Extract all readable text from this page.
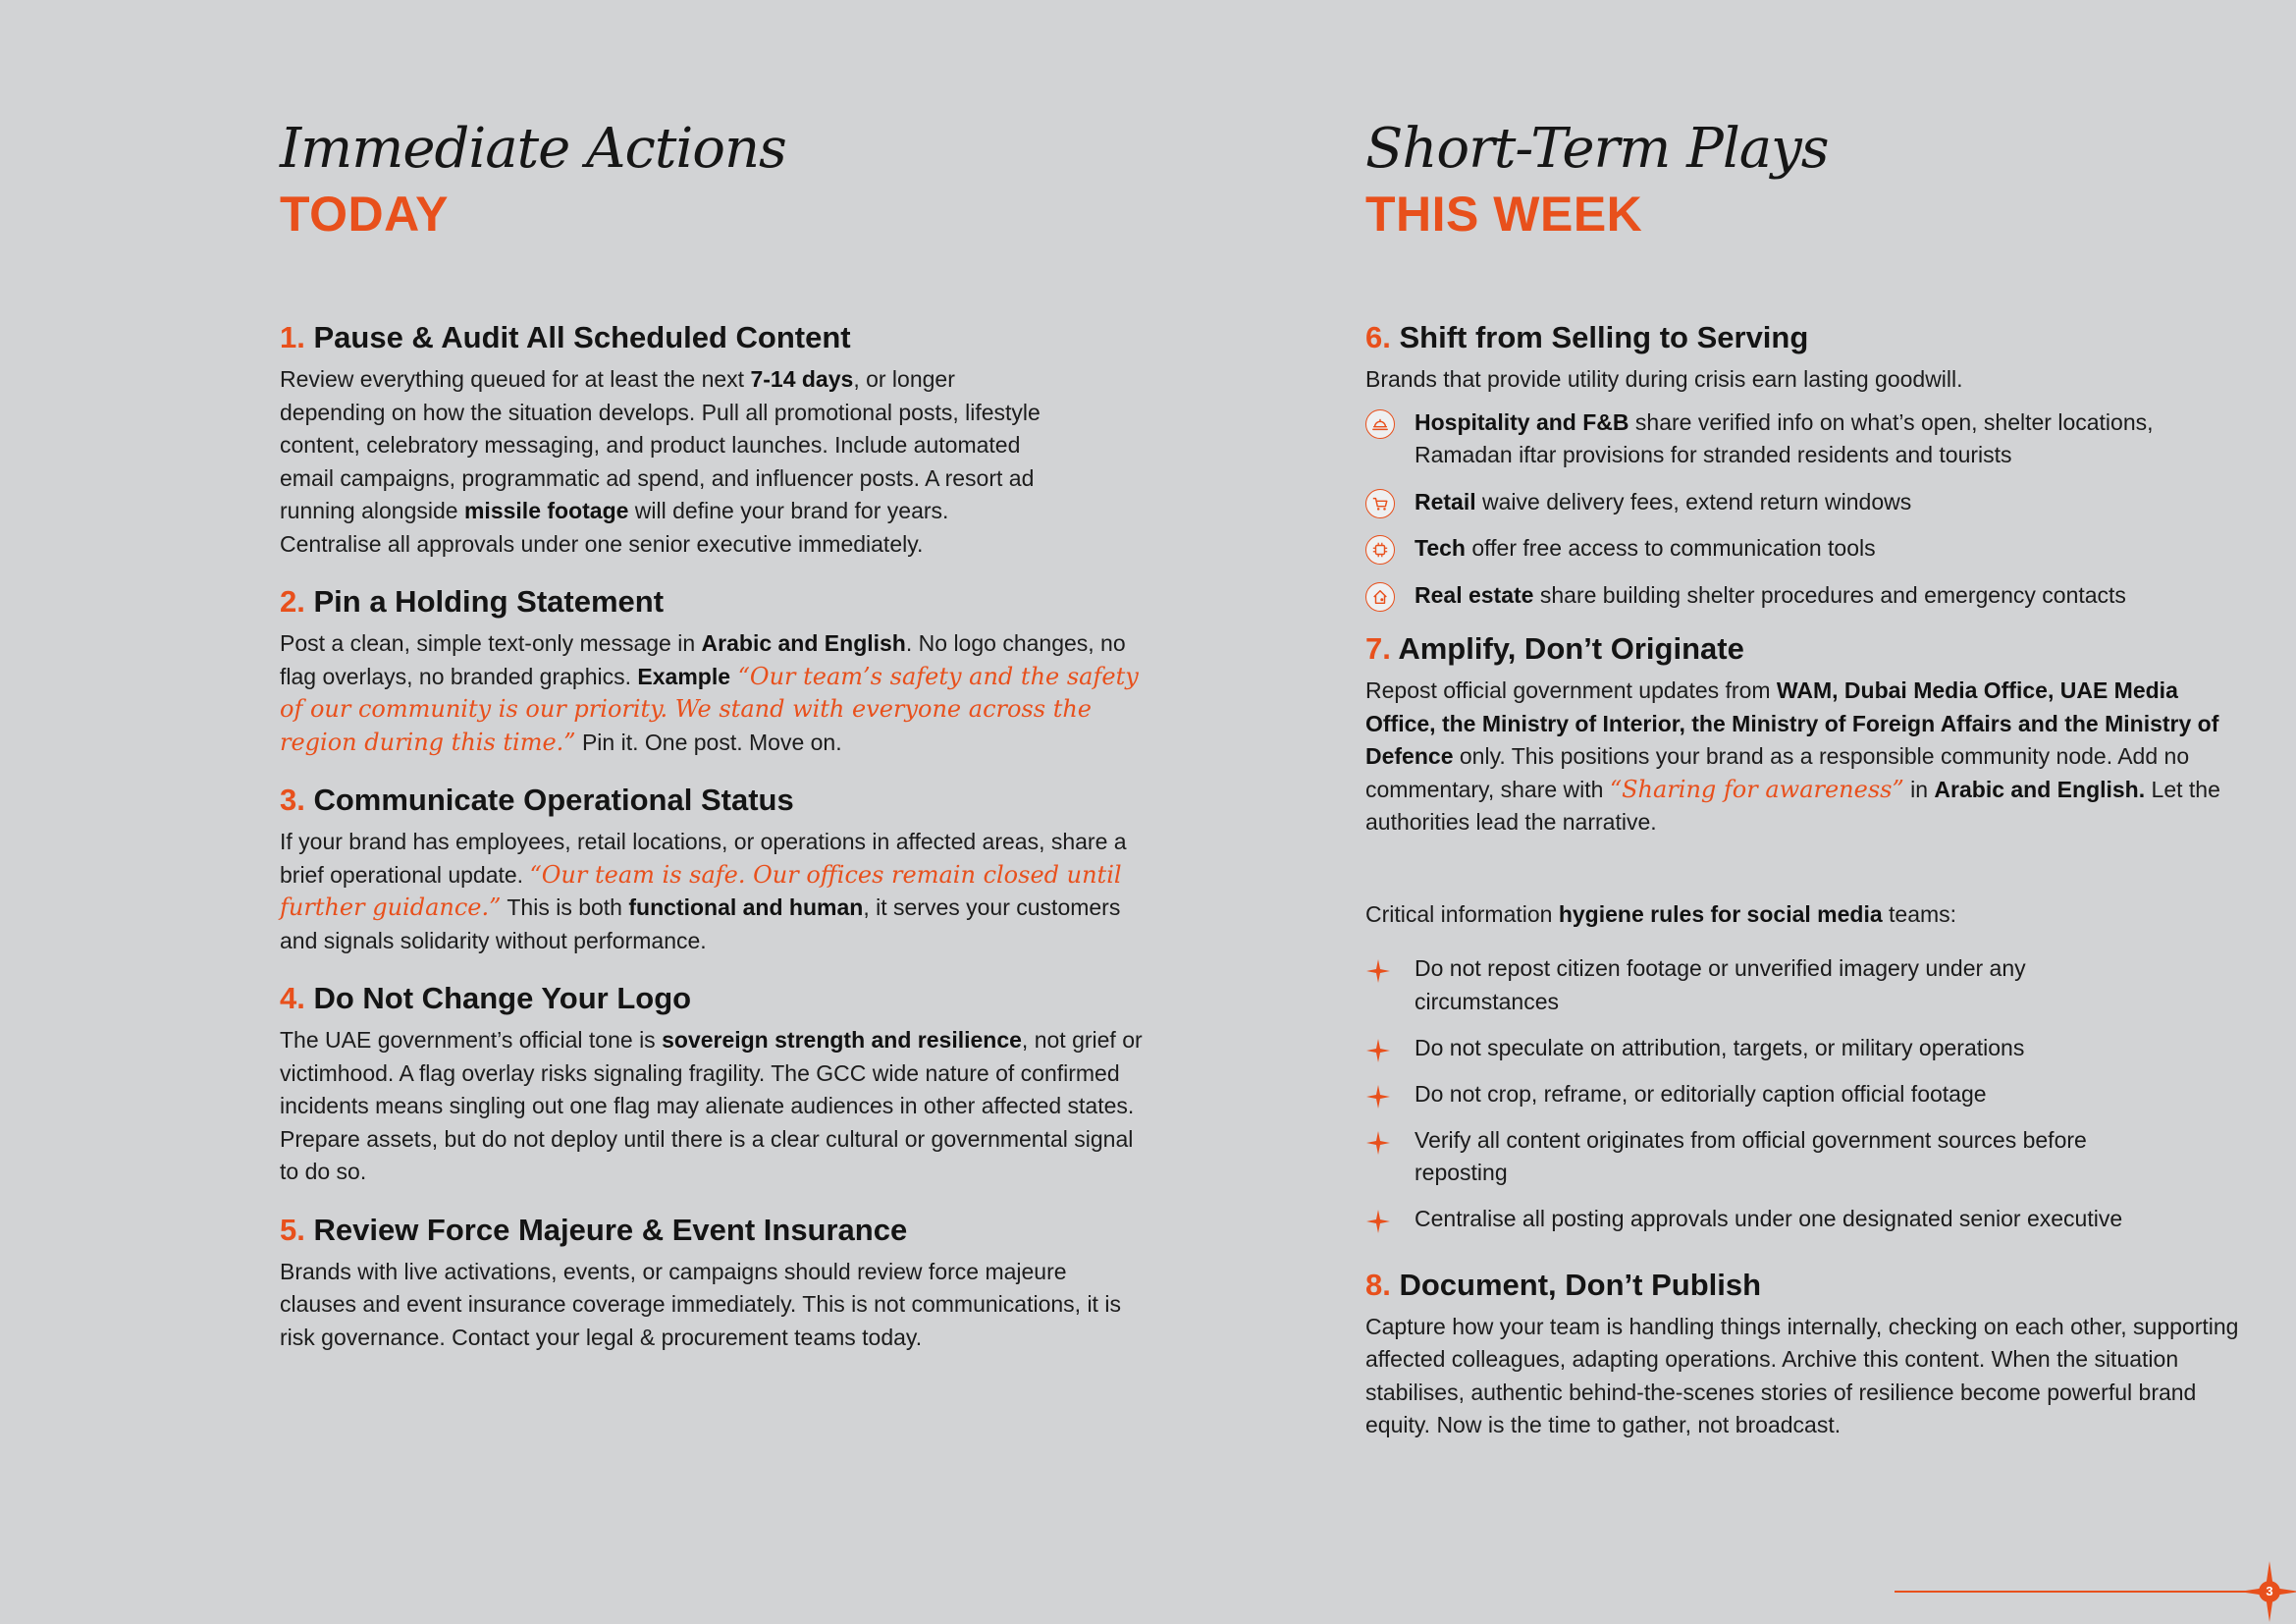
Immediate Actions
TODAY
1. Pause & Audit All Scheduled Content

Review everything queued for at least the next 7-14 days, or longer depending on how the situation develops. Pull all promotional posts, lifestyle content, celebratory messaging, and product launches. Include automated email campaigns, programmatic ad spend, and influencer posts. A resort ad running alongside missile footage will define your brand for years. Centralise all approvals under one senior executive immediately.

2. Pin a Holding Statement

Post a clean, simple text-only message in Arabic and English. No logo changes, no flag overlays, no branded graphics. Example “Our team’s safety and the safety of our community is our priority. We stand with everyone across the region during this time.” Pin it. One post. Move on.

3. Communicate Operational Status

If your brand has employees, retail locations, or operations in affected areas, share a brief operational update. “Our team is safe. Our offices remain closed until further guidance.” This is both functional and human, it serves your customers and signals solidarity without performance.

4. Do Not Change Your Logo

The UAE government’s official tone is sovereign strength and resilience, not grief or victimhood. A flag overlay risks signaling fragility. The GCC wide nature of confirmed incidents means singling out one flag may alienate audiences in other affected states. Prepare assets, but do not deploy until there is a clear cultural or governmental signal to do so.

5. Review Force Majeure & Event Insurance

Brands with live activations, events, or campaigns should review force majeure clauses and event insurance coverage immediately. This is not communications, it is risk governance. Contact your legal & procurement teams today.

Short-Term Plays
THIS WEEK
6. Shift from Selling to Serving

Brands that provide utility during crisis earn lasting goodwill.

Hospitality and F&B share verified info on what’s open, shelter locations, Ramadan iftar provisions for stranded residents and tourists
Retail waive delivery fees, extend return windows
Tech offer free access to communication tools
Real estate share building shelter procedures and emergency contacts
7. Amplify, Don’t Originate

Repost official government updates from WAM, Dubai Media Office, UAE Media Office, the Ministry of Interior, the Ministry of Foreign Affairs and the Ministry of Defence only. This positions your brand as a responsible community node. Add no commentary, share with “Sharing for awareness” in Arabic and English. Let the authorities lead the narrative.

Critical information hygiene rules for social media teams:

Do not repost citizen footage or unverified imagery under any circumstances
Do not speculate on attribution, targets, or military operations
Do not crop, reframe, or editorially caption official footage
Verify all content originates from official government sources before reposting
Centralise all posting approvals under one designated senior executive
8. Document, Don’t Publish

Capture how your team is handling things internally, checking on each other, supporting affected colleagues, adapting operations. Archive this content. When the situation stabilises, authentic behind-the-scenes stories of resilience become powerful brand equity. Now is the time to gather, not broadcast.

3
